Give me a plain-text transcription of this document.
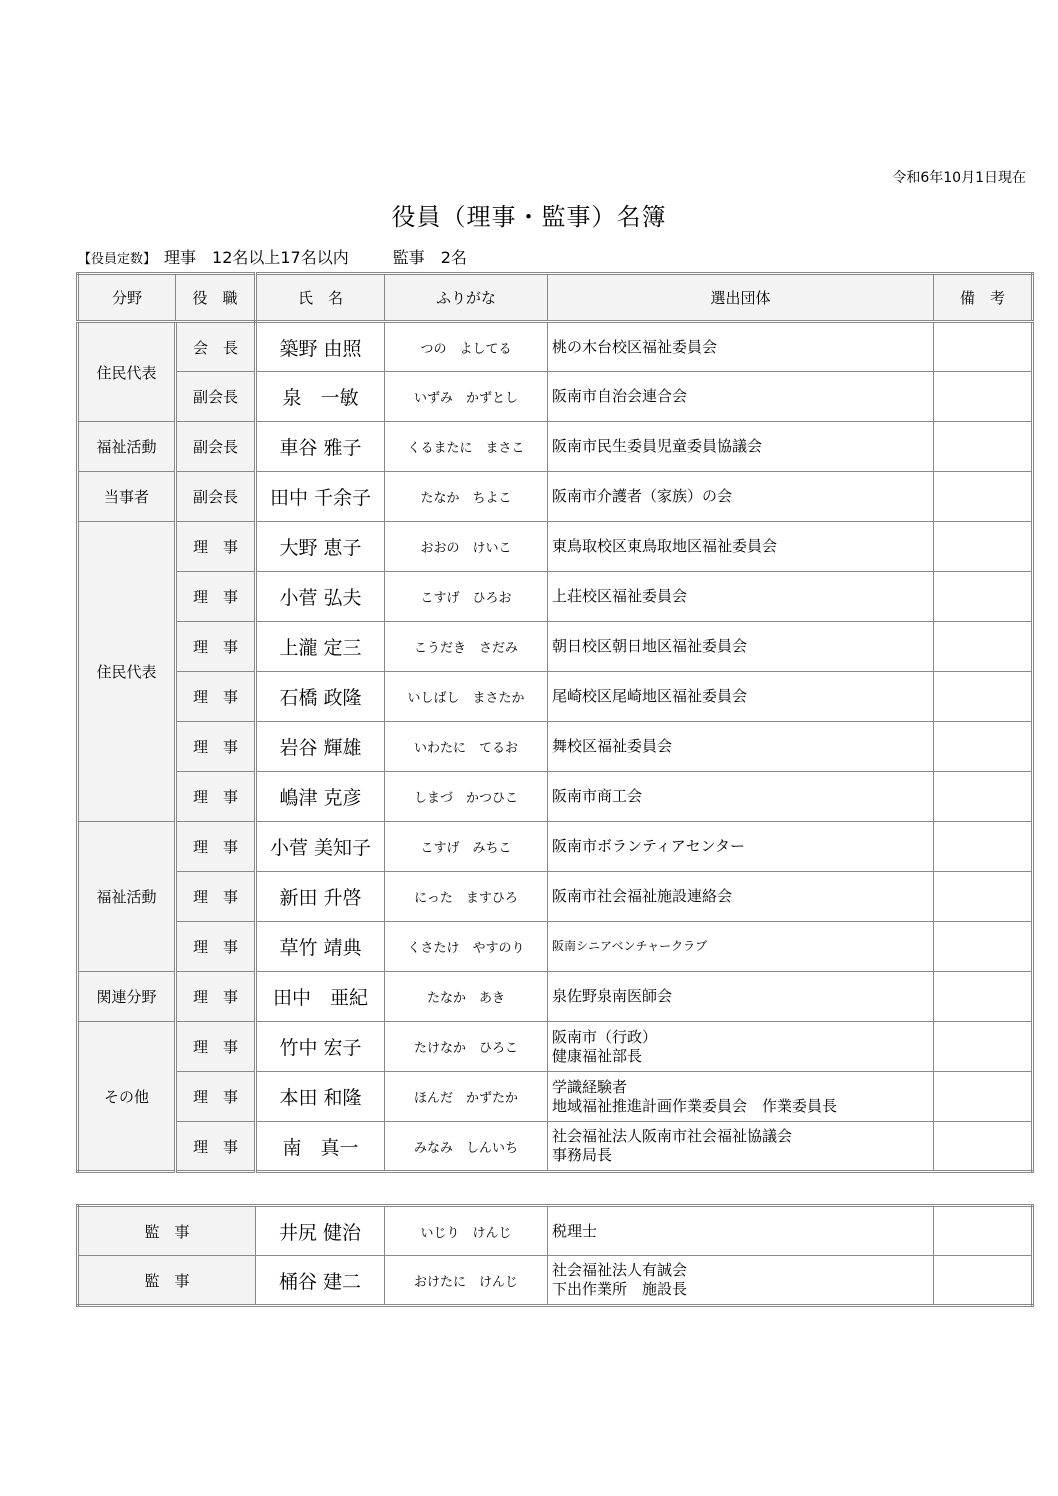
令和6年10月1日現在
役員（理事・監事）名簿
【役員定数】 理事　12名以上17名以内	監事　2名
分野	役　職	氏　名	ふりがな	選出団体	備　考
住民代表	会　長	築野 由照	つの　よしてる	桃の木台校区福祉委員会	

	副会長	泉　一敏	いずみ　かずとし	阪南市自治会連合会	

福祉活動	副会長	車谷 雅子	くるまたに　まさこ	阪南市民生委員児童委員協議会	

当事者	副会長	田中 千余子	たなか　ちよこ	阪南市介護者（家族）の会	

住民代表	理　事	大野 恵子	おおの　けいこ	東鳥取校区東鳥取地区福祉委員会	

	理　事	小菅 弘夫	こすげ　ひろお	上荘校区福祉委員会	

	理　事	上瀧 定三	こうだき　さだみ	朝日校区朝日地区福祉委員会	

	理　事	石橋 政隆	いしばし　まさたか	尾崎校区尾崎地区福祉委員会	

	理　事	岩谷 輝雄	いわたに　てるお	舞校区福祉委員会	

	理　事	嶋津 克彦	しまづ　かつひこ	阪南市商工会	

福祉活動	理　事	小菅 美知子	こすげ　みちこ	阪南市ボランティアセンター	

	理　事	新田 升啓	にった　ますひろ	阪南市社会福祉施設連絡会	

	理　事	草竹 靖典	くさたけ　やすのり	阪南シニアベンチャークラブ	

関連分野	理　事	田中　亜紀	たなか　あき	泉佐野泉南医師会	

その他	理　事	竹中 宏子	たけなか　ひろこ	阪南市（行政）
健康福祉部長	

	理　事	本田 和隆	ほんだ　かずたか	学識経験者
地域福祉推進計画作業委員会　作業委員長	

	理　事	南　真一	みなみ　しんいち	社会福祉法人阪南市社会福祉協議会
事務局長	

監　事	井尻 健治	いじり　けんじ	税理士	

監　事	桶谷 建二	おけたに　けんじ	社会福祉法人有誠会
下出作業所　施設長	
